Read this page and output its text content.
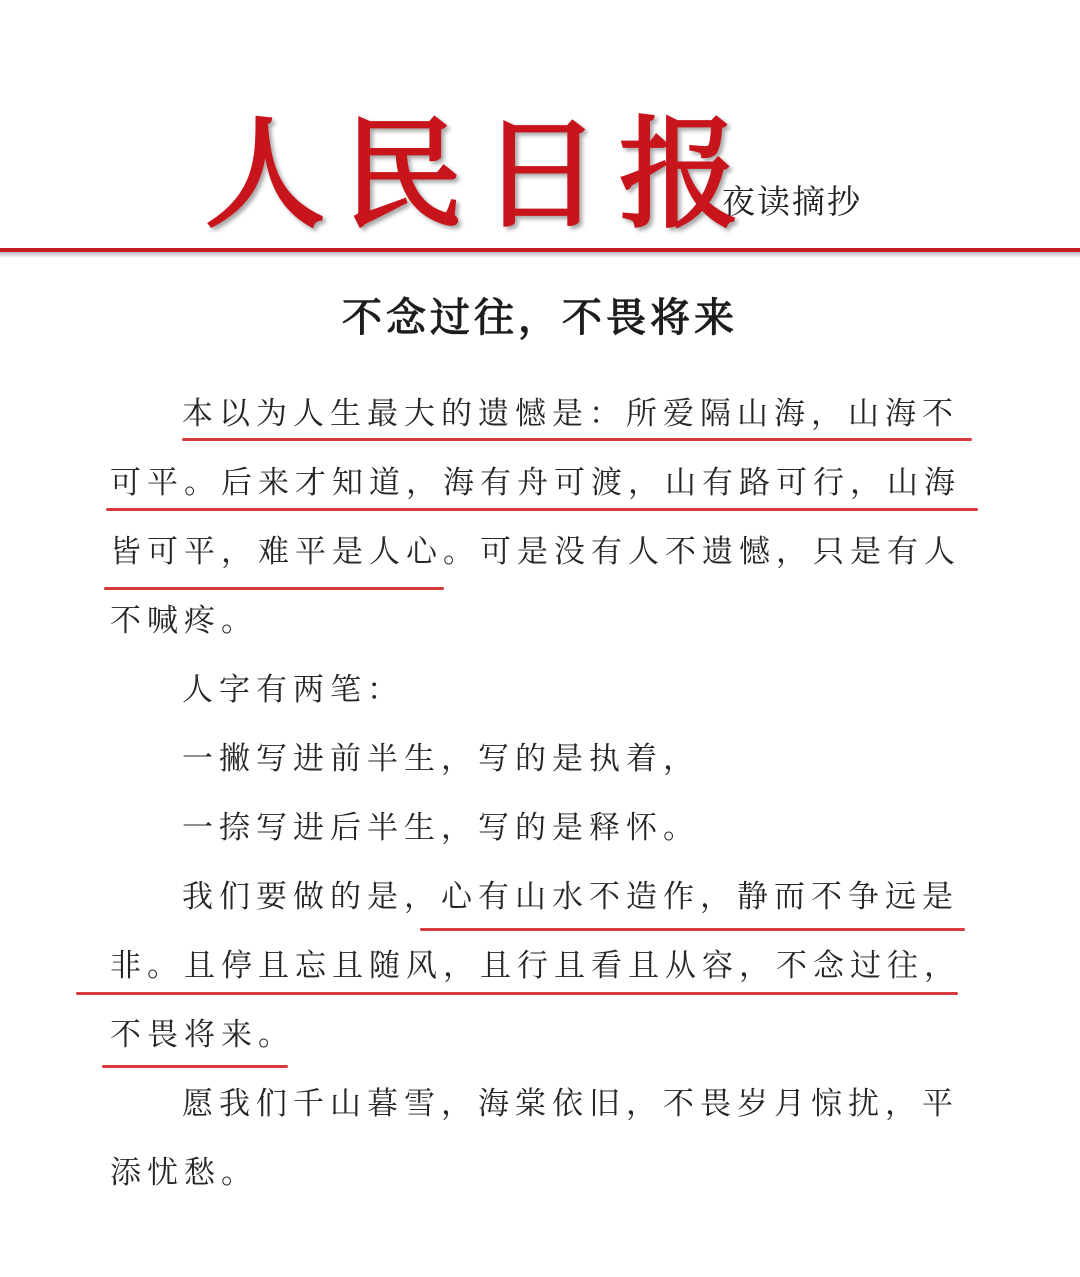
人民日报
夜读摘抄
不念过往，不畏将来
本以为人生最大的遗憾是：所爱隔山海，山海不
可平。后来才知道，海有舟可渡，山有路可行，山海
皆可平，难平是人心。可是没有人不遗憾，只是有人
不喊疼。
人字有两笔：
一撇写进前半生，写的是执着，
一捺写进后半生，写的是释怀。
我们要做的是，心有山水不造作，静而不争远是
非。且停且忘且随风，且行且看且从容，不念过往，
不畏将来。
愿我们千山暮雪，海棠依旧，不畏岁月惊扰，平
添忧愁。
